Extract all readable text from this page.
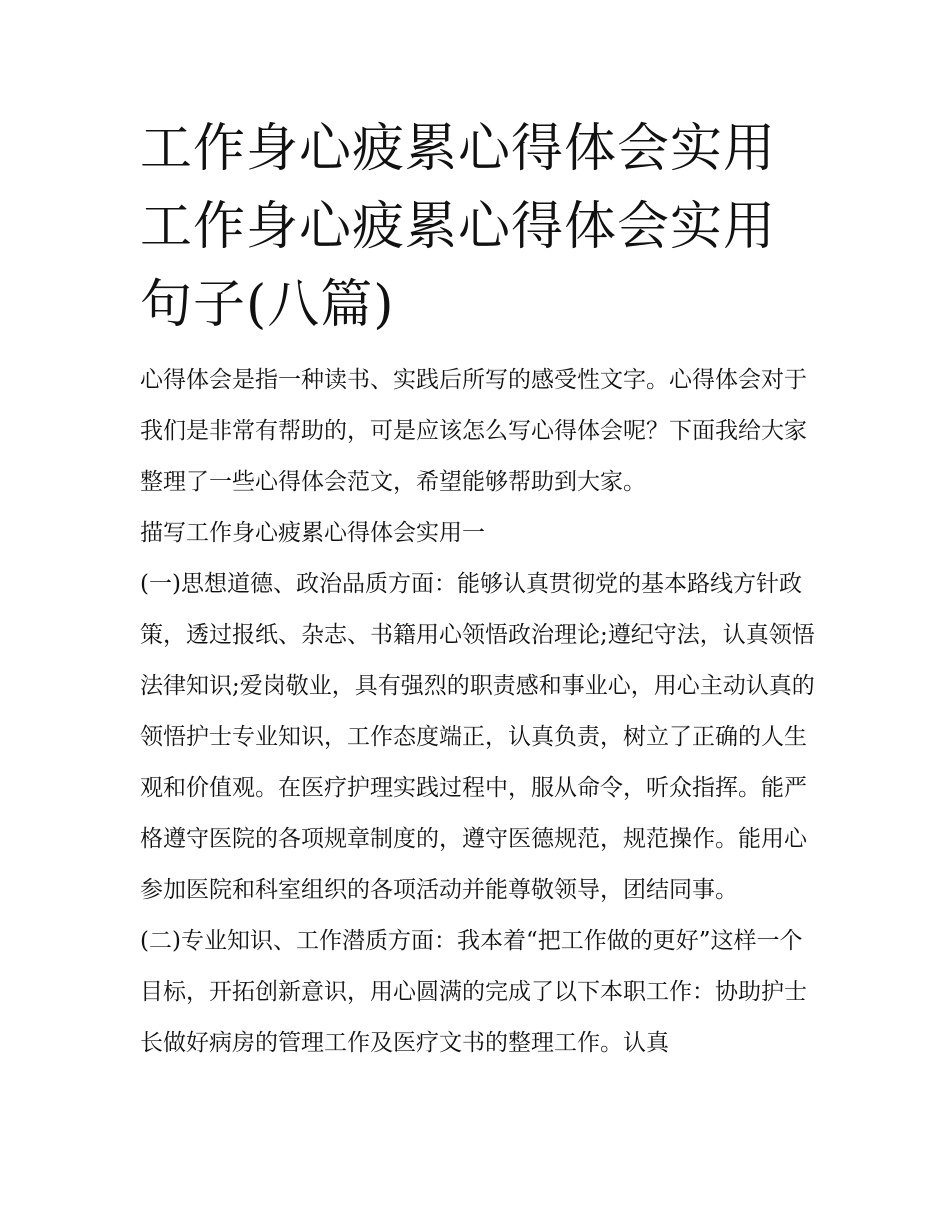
工作身心疲累心得体会实用 工作身心疲累心得体会实用句子(八篇)

心得体会是指一种读书、实践后所写的感受性文字。心得体会对于我们是非常有帮助的，可是应该怎么写心得体会呢？下面我给大家整理了一些心得体会范文，希望能够帮助到大家。

描写工作身心疲累心得体会实用一

(一)思想道德、政治品质方面：能够认真贯彻党的基本路线方针政策，透过报纸、杂志、书籍用心领悟政治理论;遵纪守法，认真领悟法律知识;爱岗敬业，具有强烈的职责感和事业心，用心主动认真的领悟护士专业知识，工作态度端正，认真负责，树立了正确的人生观和价值观。在医疗护理实践过程中，服从命令，听众指挥。能严格遵守医院的各项规章制度的，遵守医德规范，规范操作。能用心参加医院和科室组织的各项活动并能尊敬领导，团结同事。

(二)专业知识、工作潜质方面：我本着“把工作做的更好”这样一个目标，开拓创新意识，用心圆满的完成了以下本职工作：协助护士长做好病房的管理工作及医疗文书的整理工作。认真
